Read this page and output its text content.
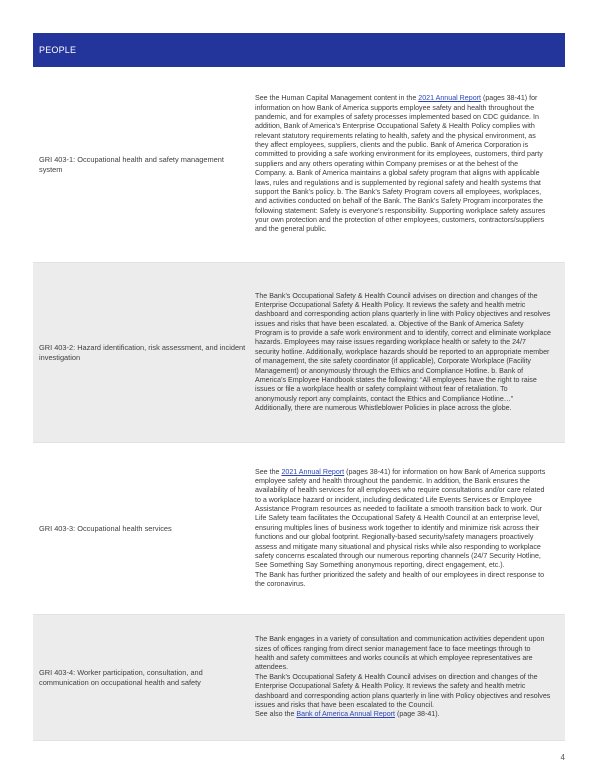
PEOPLE
GRI 403-1: Occupational health and safety management system

See the Human Capital Management content in the 2021 Annual Report (pages 38-41) for information on how Bank of America supports employee safety and health throughout the pandemic, and for examples of safety processes implemented based on CDC guidance. In addition, Bank of America’s Enterprise Occupational Safety & Health Policy complies with relevant statutory requirements relating to health, safety and the physical environment, as they affect employees, suppliers, clients and the public. Bank of America Corporation is committed to providing a safe working environment for its employees, customers, third party suppliers and any others operating within Company premises or at the behest of the Company. a. Bank of America maintains a global safety program that aligns with applicable laws, rules and regulations and is supplemented by regional safety and health systems that support the Bank’s policy. b. The Bank’s Safety Program covers all employees, workplaces, and activities conducted on behalf of the Bank. The Bank’s Safety Program incorporates the following statement: Safety is everyone’s responsibility. Supporting workplace safety assures your own protection and the protection of other employees, customers, contractors/suppliers and the general public.

GRI 403-2: Hazard identification, risk assessment, and incident investigation

The Bank’s Occupational Safety & Health Council advises on direction and changes of the Enterprise Occupational Safety & Health Policy. It reviews the safety and health metric dashboard and corresponding action plans quarterly in line with Policy objectives and resolves issues and risks that have been escalated. a. Objective of the Bank of America Safety Program is to provide a safe work environment and to identify, correct and eliminate workplace hazards. Employees may raise issues regarding workplace health or safety to the 24/7 security hotline. Additionally, workplace hazards should be reported to an appropriate member of management, the site safety coordinator (if applicable), Corporate Workplace (Facility Management) or anonymously through the Ethics and Compliance Hotline. b. Bank of America’s Employee Handbook states the following: “All employees have the right to raise issues or file a workplace health or safety complaint without fear of retaliation. To anonymously report any complaints, contact the Ethics and Compliance Hotline…” Additionally, there are numerous Whistleblower Policies in place across the globe.

GRI 403-3: Occupational health services

See the 2021 Annual Report (pages 38-41) for information on how Bank of America supports employee safety and health throughout the pandemic. In addition, the Bank ensures the availability of health services for all employees who require consultations and/or care related to a workplace hazard or incident, including dedicated Life Events Services or Employee Assistance Program resources as needed to facilitate a smooth transition back to work. Our Life Safety team facilitates the Occupational Safety & Health Council at an enterprise level, ensuring multiples lines of business work together to identify and minimize risk across their functions and our global footprint. Regionally-based security/safety managers proactively assess and mitigate many situational and physical risks while also responding to workplace safety concerns escalated through our numerous reporting channels (24/7 Security Hotline, See Something Say Something anonymous reporting, direct engagement, etc.).

The Bank has further prioritized the safety and health of our employees in direct response to the coronavirus.

GRI 403-4: Worker participation, consultation, and communication on occupational health and safety

The Bank engages in a variety of consultation and communication activities dependent upon sizes of offices ranging from direct senior management face to face meetings through to health and safety committees and works councils at which employee representatives are attendees.

The Bank’s Occupational Safety & Health Council advises on direction and changes of the Enterprise Occupational Safety & Health Policy. It reviews the safety and health metric dashboard and corresponding action plans quarterly in line with Policy objectives and resolves issues and risks that have been escalated to the Council.

See also the Bank of America Annual Report (page 38-41).

4
